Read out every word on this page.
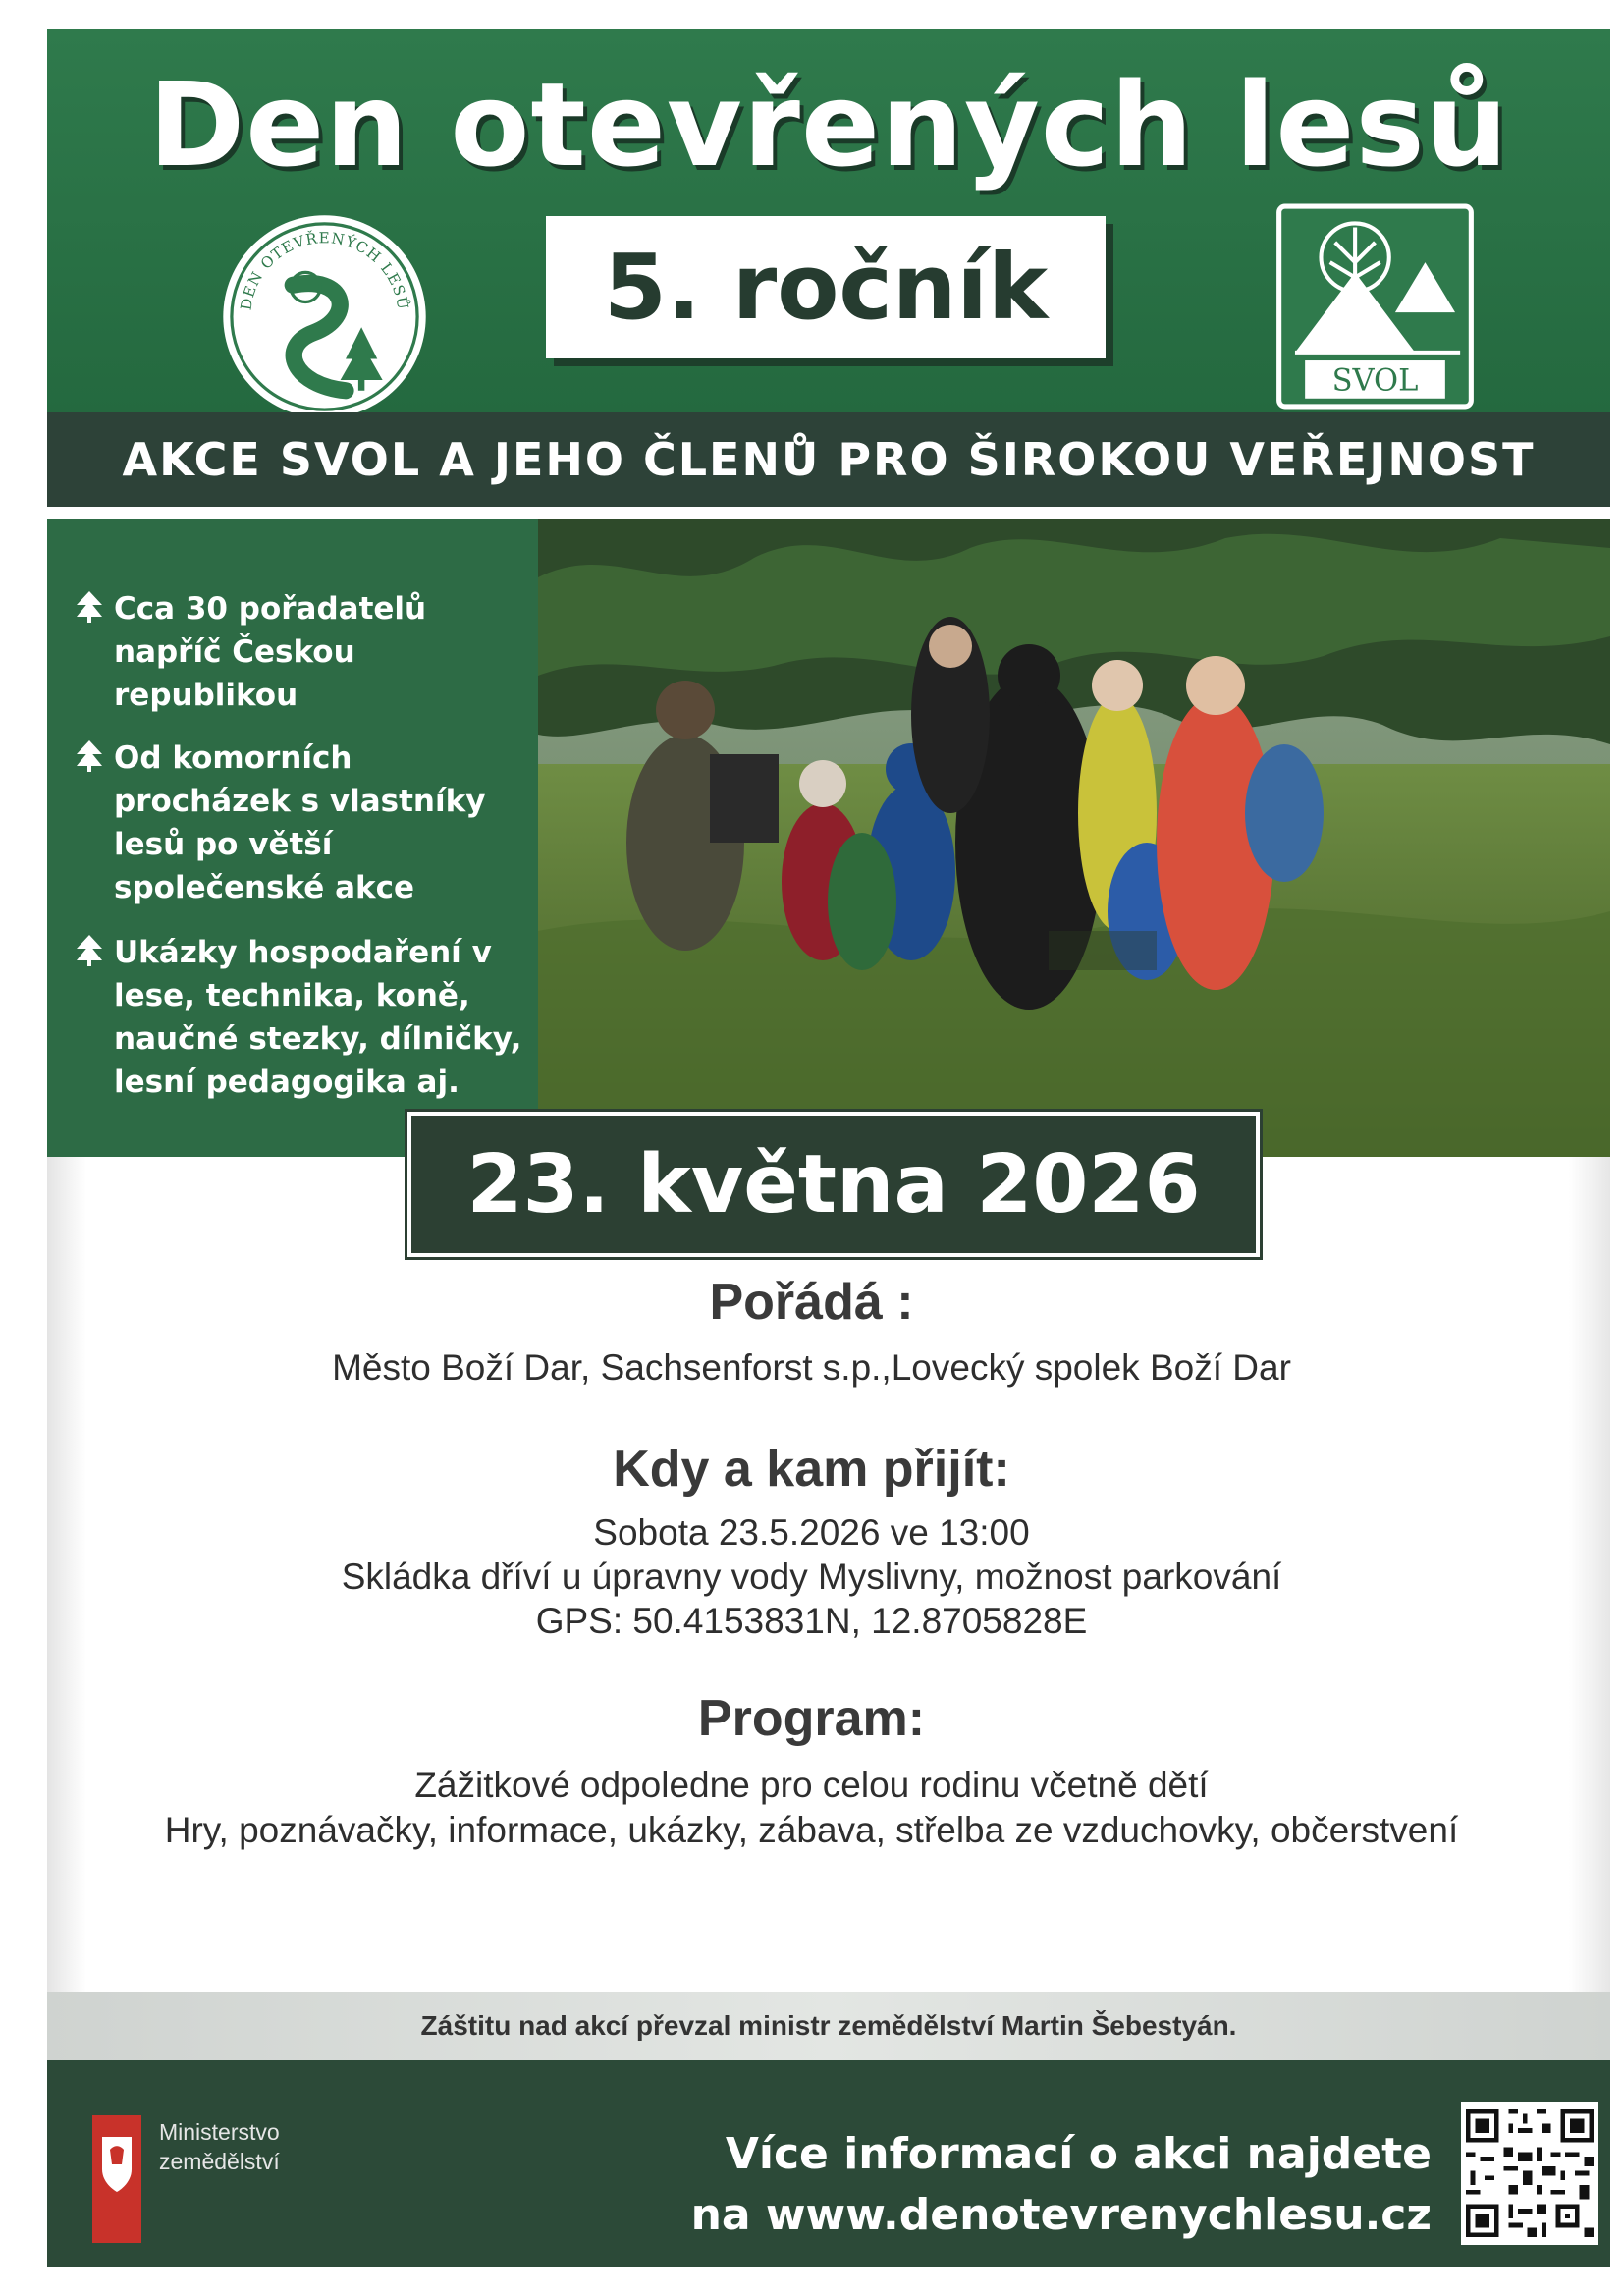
Den otevřených lesů
DEN OTEVŘENÝCH LESŮ 5. ročník
SVOL
AKCE SVOL A JEHO ČLENŮ PRO ŠIROKOU VEŘEJNOST
Cca 30 pořadatelů napříč Českou republikou
Od komorních procházek s vlastníky lesů po větší společenské akce
Ukázky hospodaření v lese, technika, koně, naučné stezky, dílničky, lesní pedagogika aj.
23. května 2026
Pořádá :
Město Boží Dar, Sachsenforst s.p.,Lovecký spolek Boží Dar
Kdy a kam přijít:
Sobota 23.5.2026 ve 13:00
Skládka dříví u úpravny vody Myslivny, možnost parkování
GPS: 50.4153831N, 12.8705828E
Program:
Zážitkové odpoledne pro celou rodinu včetně dětí
Hry, poznávačky, informace, ukázky, zábava, střelba ze vzduchovky, občerstvení
Záštitu nad akcí převzal ministr zemědělství Martin Šebestyán.
Ministerstvo
zemědělství	Více informací o akci najdete
na www.denotevrenychlesu.cz
